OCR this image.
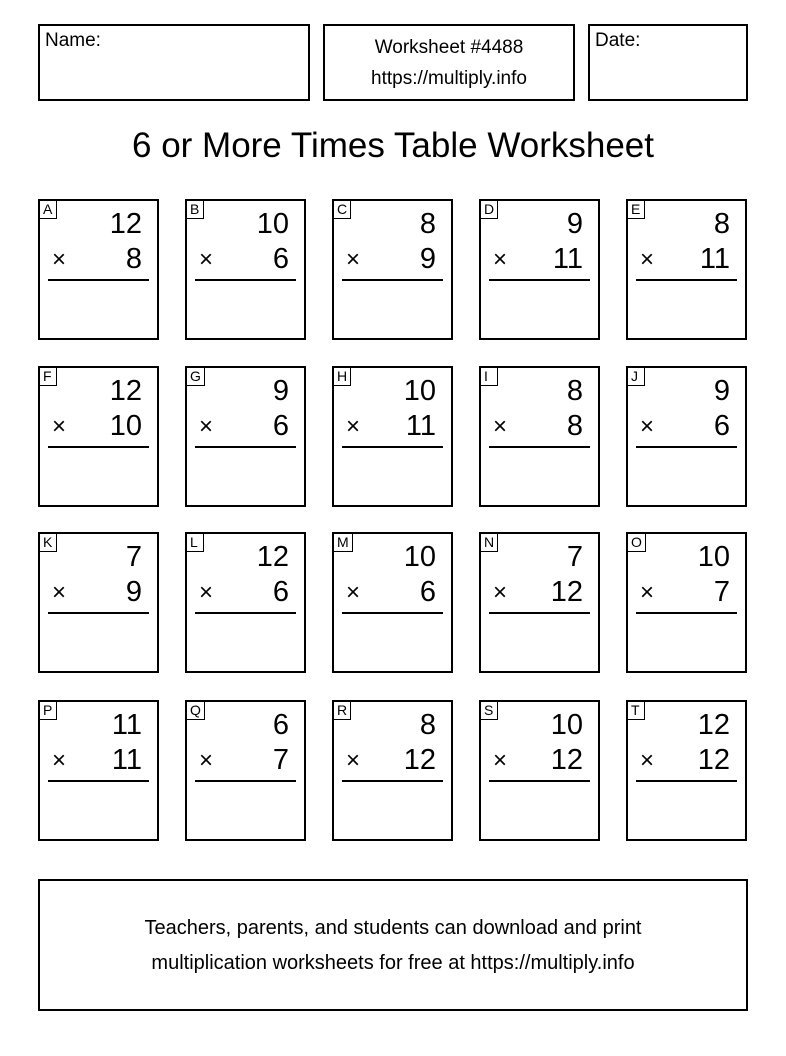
Name:	Worksheet #4488
https://multiply.info
Date:
6 or More Times Table Worksheet
A 12
× 8
B 10
× 6
C	8
× 9
D	9
× 11
E	8
× 11
F 12
× 10
G 9
× 6
H 10
× 11
I	8
× 8
J	9
× 6
K	7
× 9
L 12
× 6
M 10
× 6
N	7
× 12
O 10
× 7
P 11
× 11
Q 6
× 7
R	8
× 12
S 10
× 12
T 12
× 12
Teachers, parents, and students can download and print
multiplication worksheets for free at https://multiply.info
